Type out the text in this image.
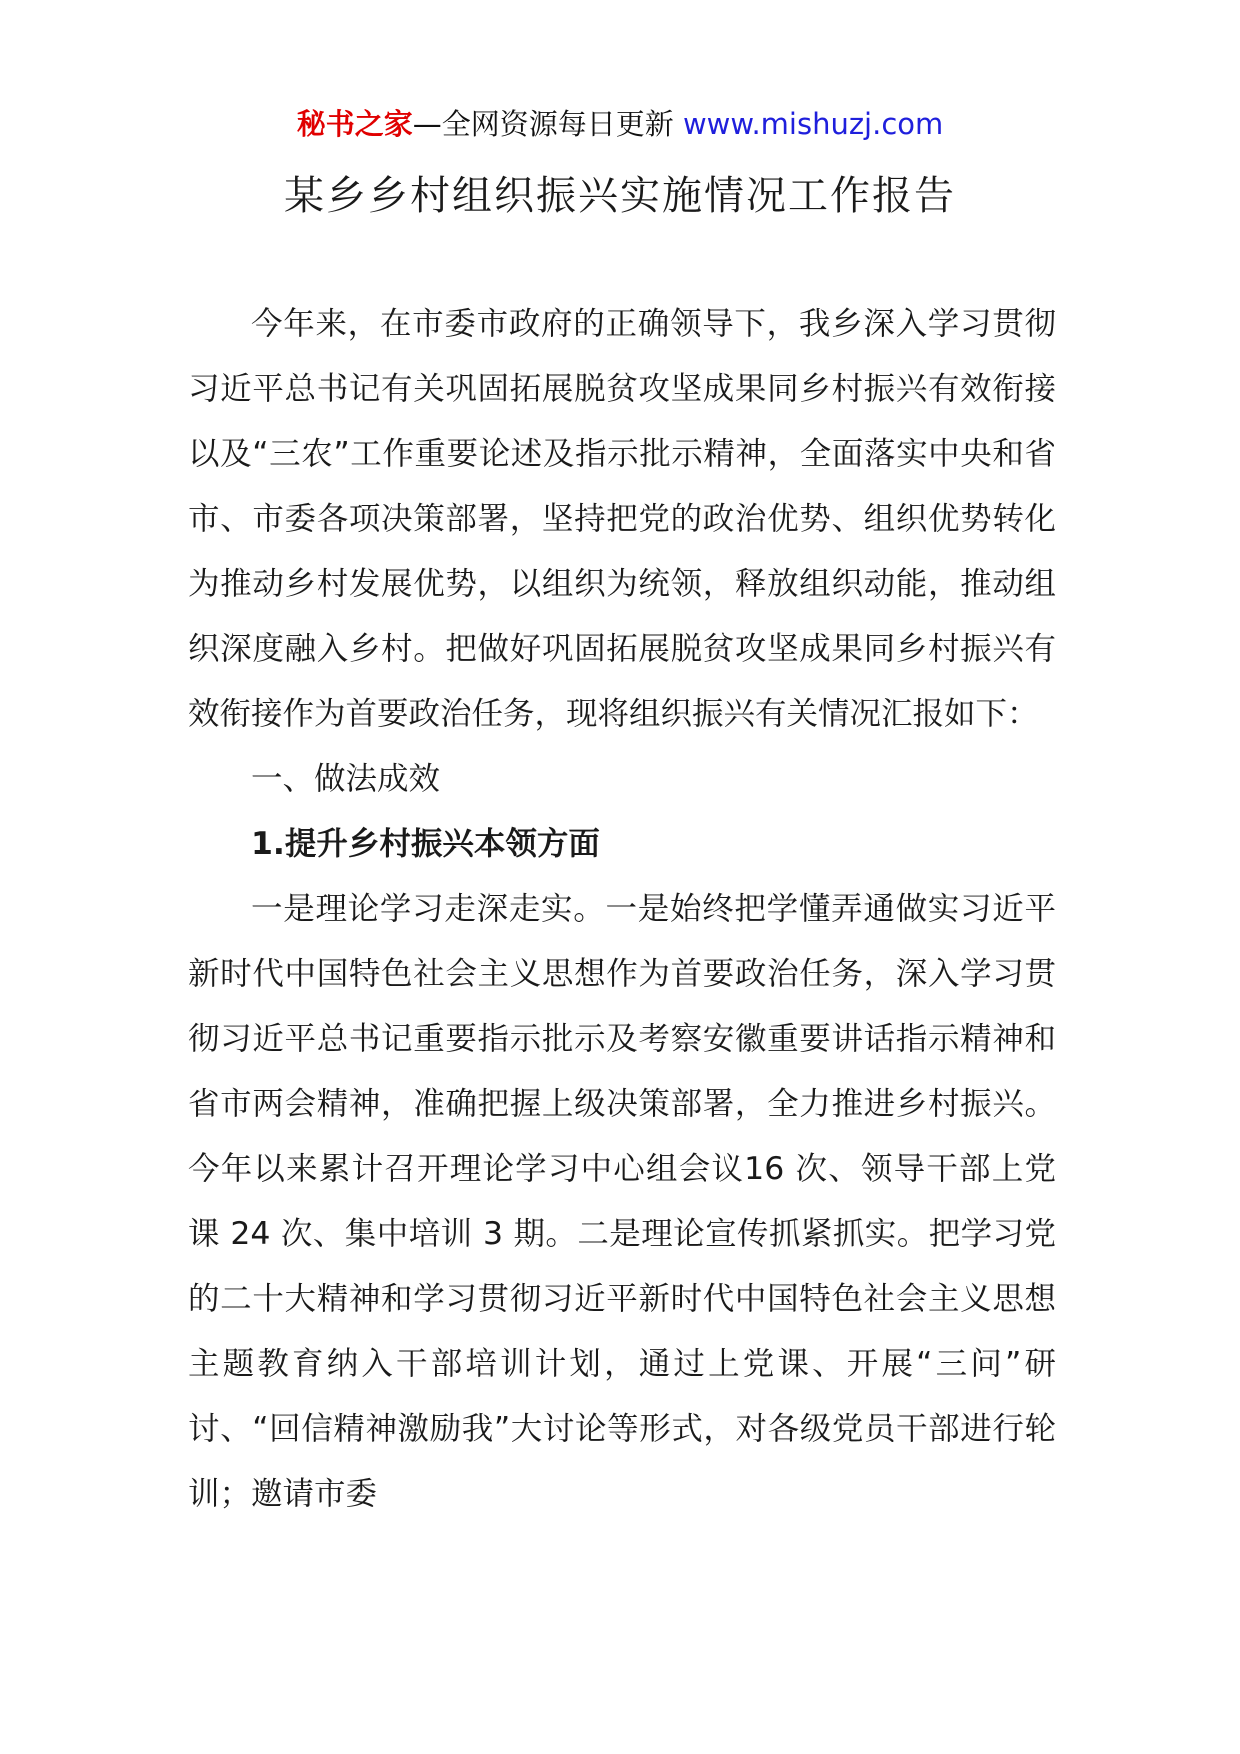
秘书之家—全网资源每日更新 www.mishuzj.com
某乡乡村组织振兴实施情况工作报告

今年来，在市委市政府的正确领导下，我乡深入学习贯彻习近平总书记有关巩固拓展脱贫攻坚成果同乡村振兴有效衔接以及“三农”工作重要论述及指示批示精神，全面落实中央和省市、市委各项决策部署，坚持把党的政治优势、组织优势转化为推动乡村发展优势，以组织为统领，释放组织动能，推动组织深度融入乡村。把做好巩固拓展脱贫攻坚成果同乡村振兴有效衔接作为首要政治任务，现将组织振兴有关情况汇报如下：

一、做法成效

1.提升乡村振兴本领方面

一是理论学习走深走实。一是始终把学懂弄通做实习近平新时代中国特色社会主义思想作为首要政治任务，深入学习贯彻习近平总书记重要指示批示及考察安徽重要讲话指示精神和省市两会精神，准确把握上级决策部署，全力推进乡村振兴。今年以来累计召开理论学习中心组会议16 次、领导干部上党课 24 次、集中培训 3 期。二是理论宣传抓紧抓实。把学习党的二十大精神和学习贯彻习近平新时代中国特色社会主义思想主题教育纳入干部培训计划，通过上党课、开展“三问”研讨、“回信精神激励我”大讨论等形式，对各级党员干部进行轮训；邀请市委
